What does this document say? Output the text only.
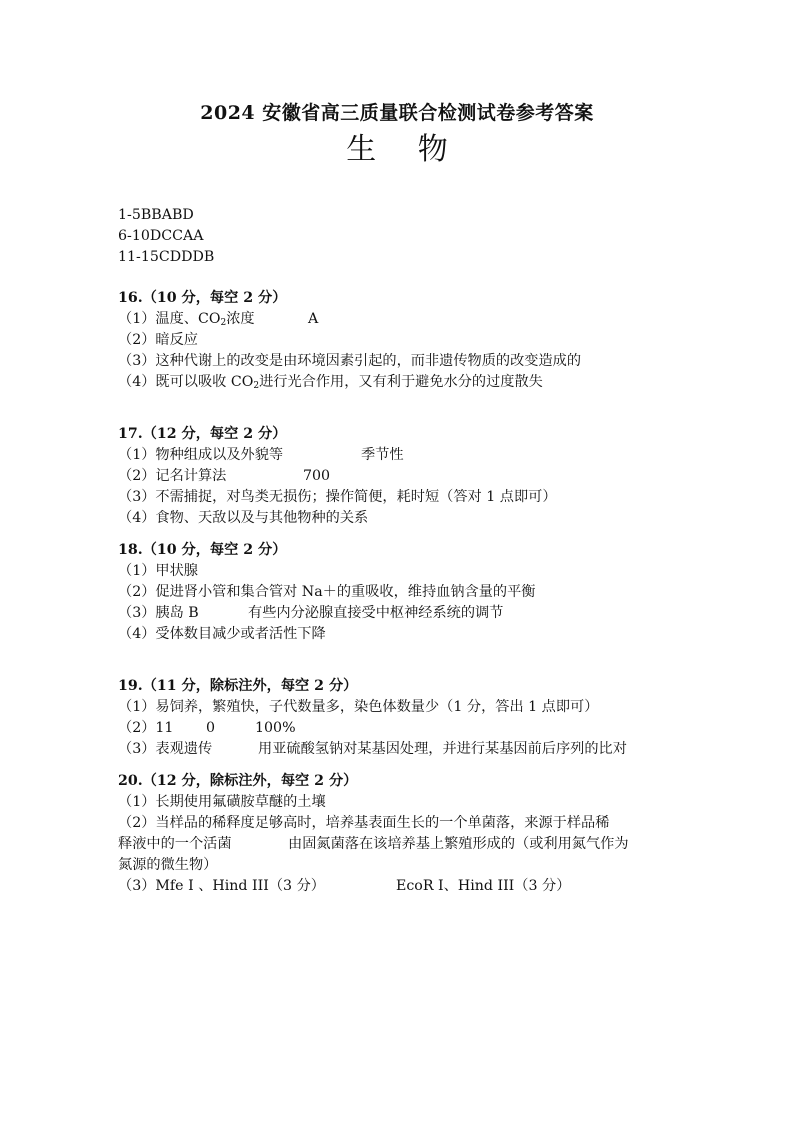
2024 安徽省高三质量联合检测试卷参考答案
生 物
1-5BBABD
6-10DCCAA
11-15CDDDB
16.（10 分，每空 2 分）
（1）温度、$CO_2$浓度	A
（2）暗反应
（3）这种代谢上的改变是由环境因素引起的，而非遗传物质的改变造成的
（4）既可以吸收 $CO_2$进行光合作用，又有利于避免水分的过度散失
17.（12 分，每空 2 分）
（1）物种组成以及外貌等	季节性
（2）记名计算法	700
（3）不需捕捉，对鸟类无损伤；操作简便，耗时短（答对 1 点即可）
（4）食物、天敌以及与其他物种的关系
18.（10 分，每空 2 分）
（1）甲状腺
（2）促进肾小管和集合管对 Na＋的重吸收，维持血钠含量的平衡
（3）胰岛 B	有些内分泌腺直接受中枢神经系统的调节
（4）受体数目减少或者活性下降
19.（11 分，除标注外，每空 2 分）
（1）易饲养，繁殖快，子代数量多，染色体数量少（1 分，答出 1 点即可）
（2）11 0	100%
（3）表观遗传	用亚硫酸氢钠对某基因处理，并进行某基因前后序列的比对
20.（12 分，除标注外，每空 2 分）
（1）长期使用氟磺胺草醚的土壤
（2）当样品的稀释度足够高时，培养基表面生长的一个单菌落，来源于样品稀
释液中的一个活菌	由固氮菌落在该培养基上繁殖形成的（或利用氮气作为
氮源的微生物）
（3）Mfe I 、Hind III（3 分）	EcoR I、Hind III（3 分）
